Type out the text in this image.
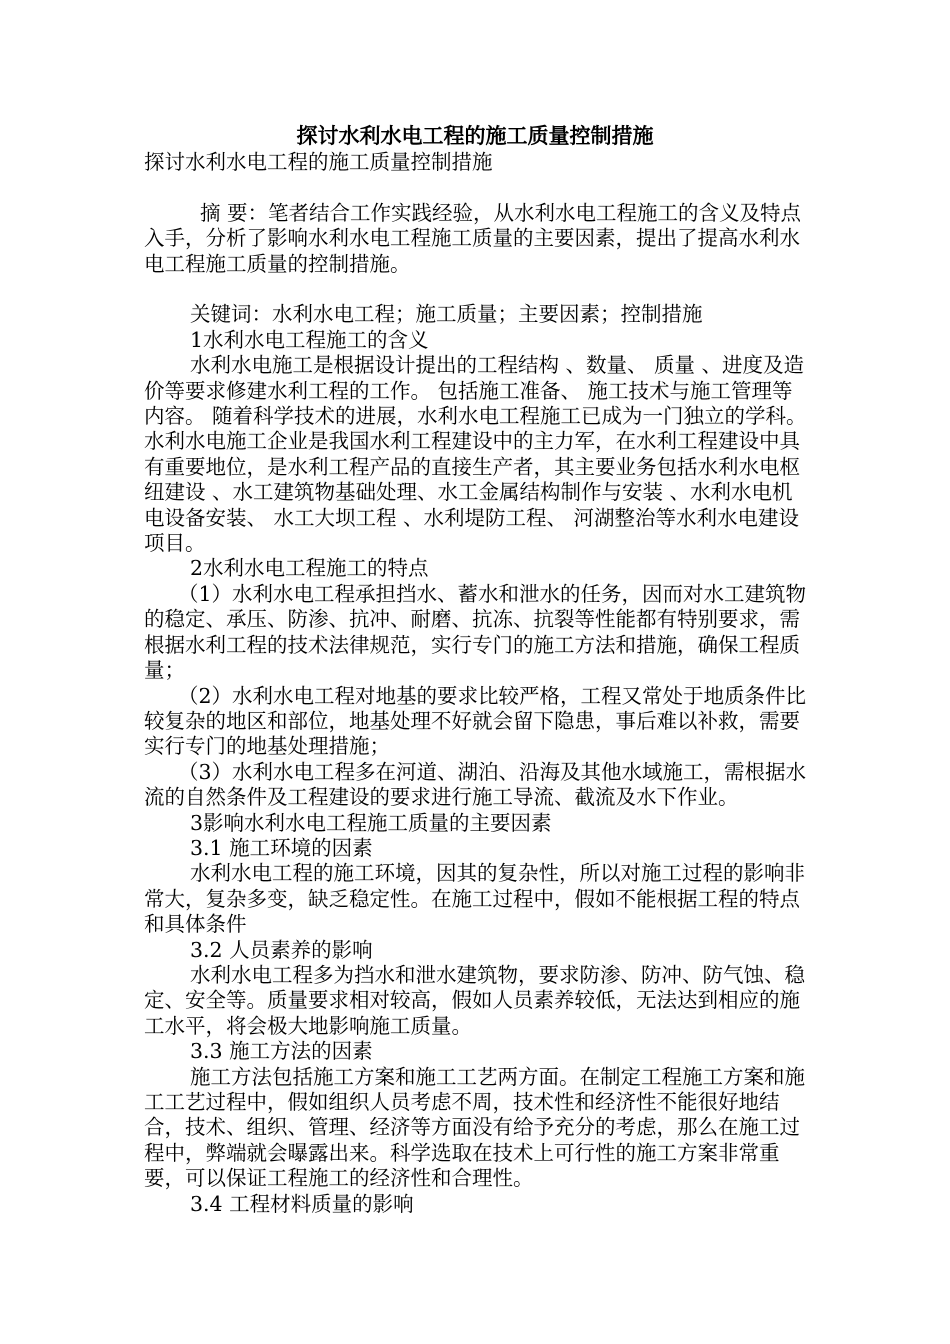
探讨水利水电工程的施工质量控制措施

探讨水利水电工程的施工质量控制措施

摘 要：笔者结合工作实践经验，从水利水电工程施工的含义及特点入手，分析了影响水利水电工程施工质量的主要因素，提出了提高水利水电工程施工质量的控制措施。

关键词：水利水电工程；施工质量；主要因素；控制措施

1水利水电工程施工的含义

水利水电施工是根据设计提出的工程结构 、数量、 质量 、进度及造价等要求修建水利工程的工作。 包括施工准备、 施工技术与施工管理等内容。 随着科学技术的进展，水利水电工程施工已成为一门独立的学科。 水利水电施工企业是我国水利工程建设中的主力军，在水利工程建设中具有重要地位，是水利工程产品的直接生产者，其主要业务包括水利水电枢纽建设 、水工建筑物基础处理、水工金属结构制作与安装 、水利水电机电设备安装、 水工大坝工程 、水利堤防工程、 河湖整治等水利水电建设项目。

2水利水电工程施工的特点

（1）水利水电工程承担挡水、蓄水和泄水的任务，因而对水工建筑物的稳定、承压、防渗、抗冲、耐磨、抗冻、抗裂等性能都有特别要求，需根据水利工程的技术法律规范，实行专门的施工方法和措施，确保工程质量；

（2）水利水电工程对地基的要求比较严格，工程又常处于地质条件比较复杂的地区和部位，地基处理不好就会留下隐患，事后难以补救，需要实行专门的地基处理措施；

（3）水利水电工程多在河道、湖泊、沿海及其他水域施工，需根据水流的自然条件及工程建设的要求进行施工导流、截流及水下作业。

3影响水利水电工程施工质量的主要因素

3.1 施工环境的因素

水利水电工程的施工环境，因其的复杂性，所以对施工过程的影响非常大，复杂多变，缺乏稳定性。在施工过程中，假如不能根据工程的特点和具体条件

3.2 人员素养的影响

水利水电工程多为挡水和泄水建筑物，要求防渗、防冲、防气蚀、稳定、安全等。质量要求相对较高，假如人员素养较低，无法达到相应的施工水平，将会极大地影响施工质量。

3.3 施工方法的因素

施工方法包括施工方案和施工工艺两方面。在制定工程施工方案和施工工艺过程中，假如组织人员考虑不周，技术性和经济性不能很好地结合，技术、组织、管理、经济等方面没有给予充分的考虑，那么在施工过程中，弊端就会曝露出来。科学选取在技术上可行性的施工方案非常重要，可以保证工程施工的经济性和合理性。

3.4 工程材料质量的影响
